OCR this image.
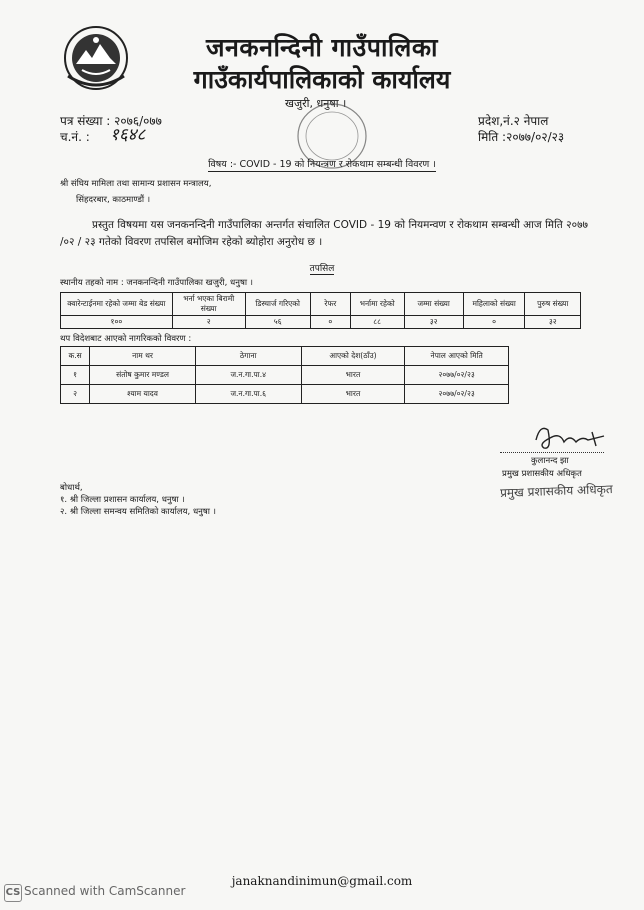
जनकनन्दिनी गाउँपालिका
गाउँकार्यपालिकाको कार्यालय
खजुरी, धनुषा ।
पत्र संख्या : २०७६/०७७
च.नं. : १६४८
प्रदेश,नं.२ नेपाल
मिति :२०७७/०२/२३
विषय :- COVID - 19 को नियन्त्रण र रोकथाम सम्बन्धी विवरण ।
श्री संघिय मामिला तथा सामान्य प्रशासन मन्त्रालय,
सिंहदरबार, काठमाण्डौं ।
प्रस्तुत विषयमा यस जनकनन्दिनी गाउँपालिका अन्तर्गत संचालित COVID - 19 को नियमन्वण र रोकथाम सम्बन्धी आज मिति २०७७ /०२ / २३ गतेको विवरण तपसिल बमोजिम रहेको ब्योहोरा अनुरोध छ ।
तपसिल
स्थानीय तहको नाम : जनकनन्दिनी गाउँपालिका खजुरी, धनुषा ।
क्वारेन्टाईनमा रहेको जम्मा बेड संख्या	भर्ना भएका बिरामी संख्या	डिस्चार्ज गरिएको	रेफर	भर्नामा रहेको	जम्मा संख्या	महिलाको संख्या	पुरुष संख्या
१००	२	५६	०	८८	३२	०	३२
थप विदेशबाट आएको नागरिकको विवरण :
क.स	नाम थर	ठेगाना	आएको देश(ठाँउ)	नेपाल आएको मिति
१	संतोष कुमार मण्डल	ज.न.गा.पा.४	भारत	२०७७/०२/२३
२	श्याम यादव	ज.न.गा.पा.६	भारत	२०७७/०२/२३
कुलानन्द झा
प्रमुख प्रशासकीय अधिकृत
प्रमुख प्रशासकीय अधिकृत
बोधार्थ,
१. श्री जिल्ला प्रशासन कार्यालय, धनुषा ।
२. श्री जिल्ला समन्वय समितिको कार्यालय, धनुषा ।
janaknandinimun@gmail.com
CS Scanned with CamScanner
